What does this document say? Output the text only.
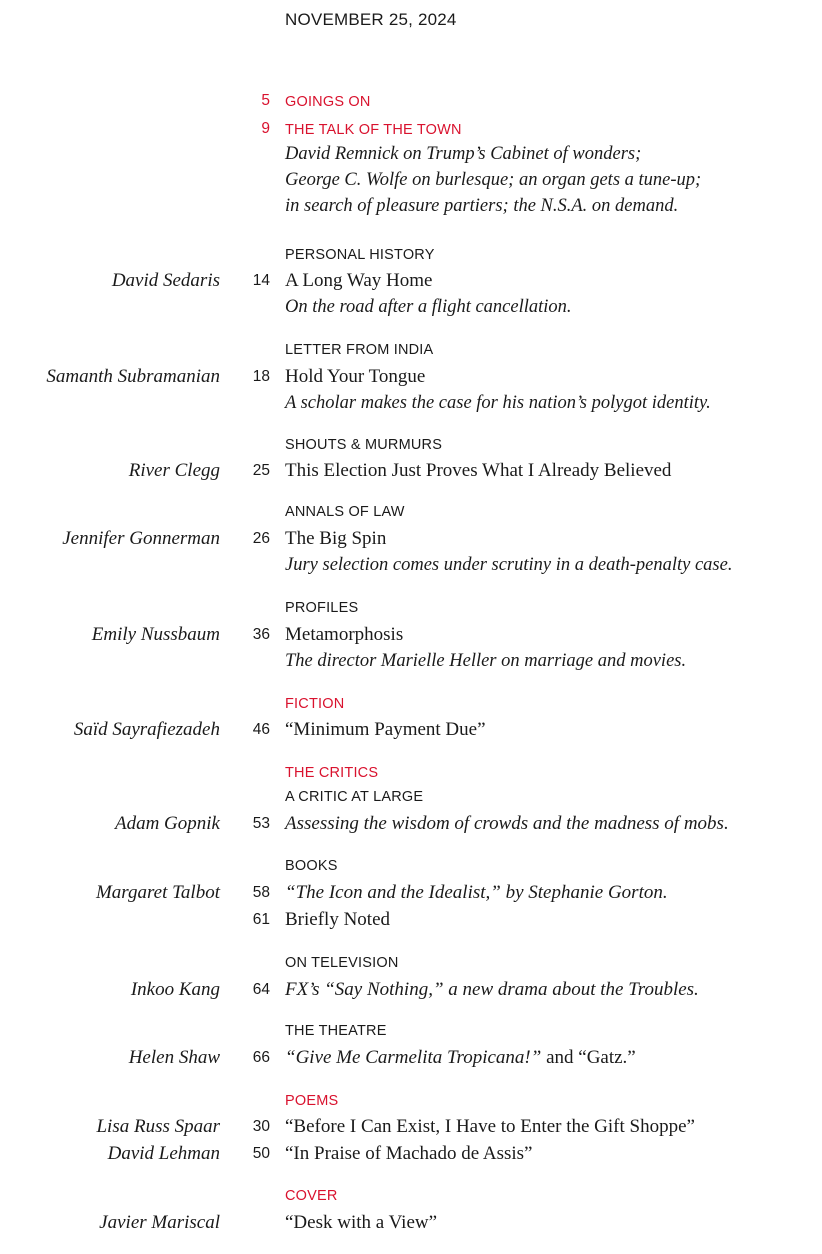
NOVEMBER 25, 2024
5 GOINGS ON
9 THE TALK OF THE TOWN
David Remnick on Trump’s Cabinet of wonders;
George C. Wolfe on burlesque; an organ gets a tune-up;
in search of pleasure partiers; the N.S.A. on demand.
PERSONAL HISTORY
David Sedaris	14 A Long Way Home
On the road after a flight cancellation.
LETTER FROM INDIA
Samanth Subramanian	18 Hold Your Tongue
A scholar makes the case for his nation’s polygot identity.
SHOUTS & MURMURS
River Clegg	25 This Election Just Proves What I Already Believed
ANNALS OF LAW
Jennifer Gonnerman	26 The Big Spin
Jury selection comes under scrutiny in a death-penalty case.
PROFILES
Emily Nussbaum	36 Metamorphosis
The director Marielle Heller on marriage and movies.
FICTION
Saïd Sayrafiezadeh	46 “Minimum Payment Due”
THE CRITICS
A CRITIC AT LARGE
Adam Gopnik	53 Assessing the wisdom of crowds and the madness of mobs.
BOOKS
Margaret Talbot	58 “The Icon and the Idealist,” by Stephanie Gorton.
61 Briefly Noted
ON TELEVISION
Inkoo Kang	64 FX’s “Say Nothing,” a new drama about the Troubles.
THE THEATRE
Helen Shaw	66 “Give Me Carmelita Tropicana!” and “Gatz.”
POEMS
Lisa Russ Spaar	30 “Before I Can Exist, I Have to Enter the Gift Shoppe”
David Lehman	50 “In Praise of Machado de Assis”
COVER
Javier Mariscal	“Desk with a View”
